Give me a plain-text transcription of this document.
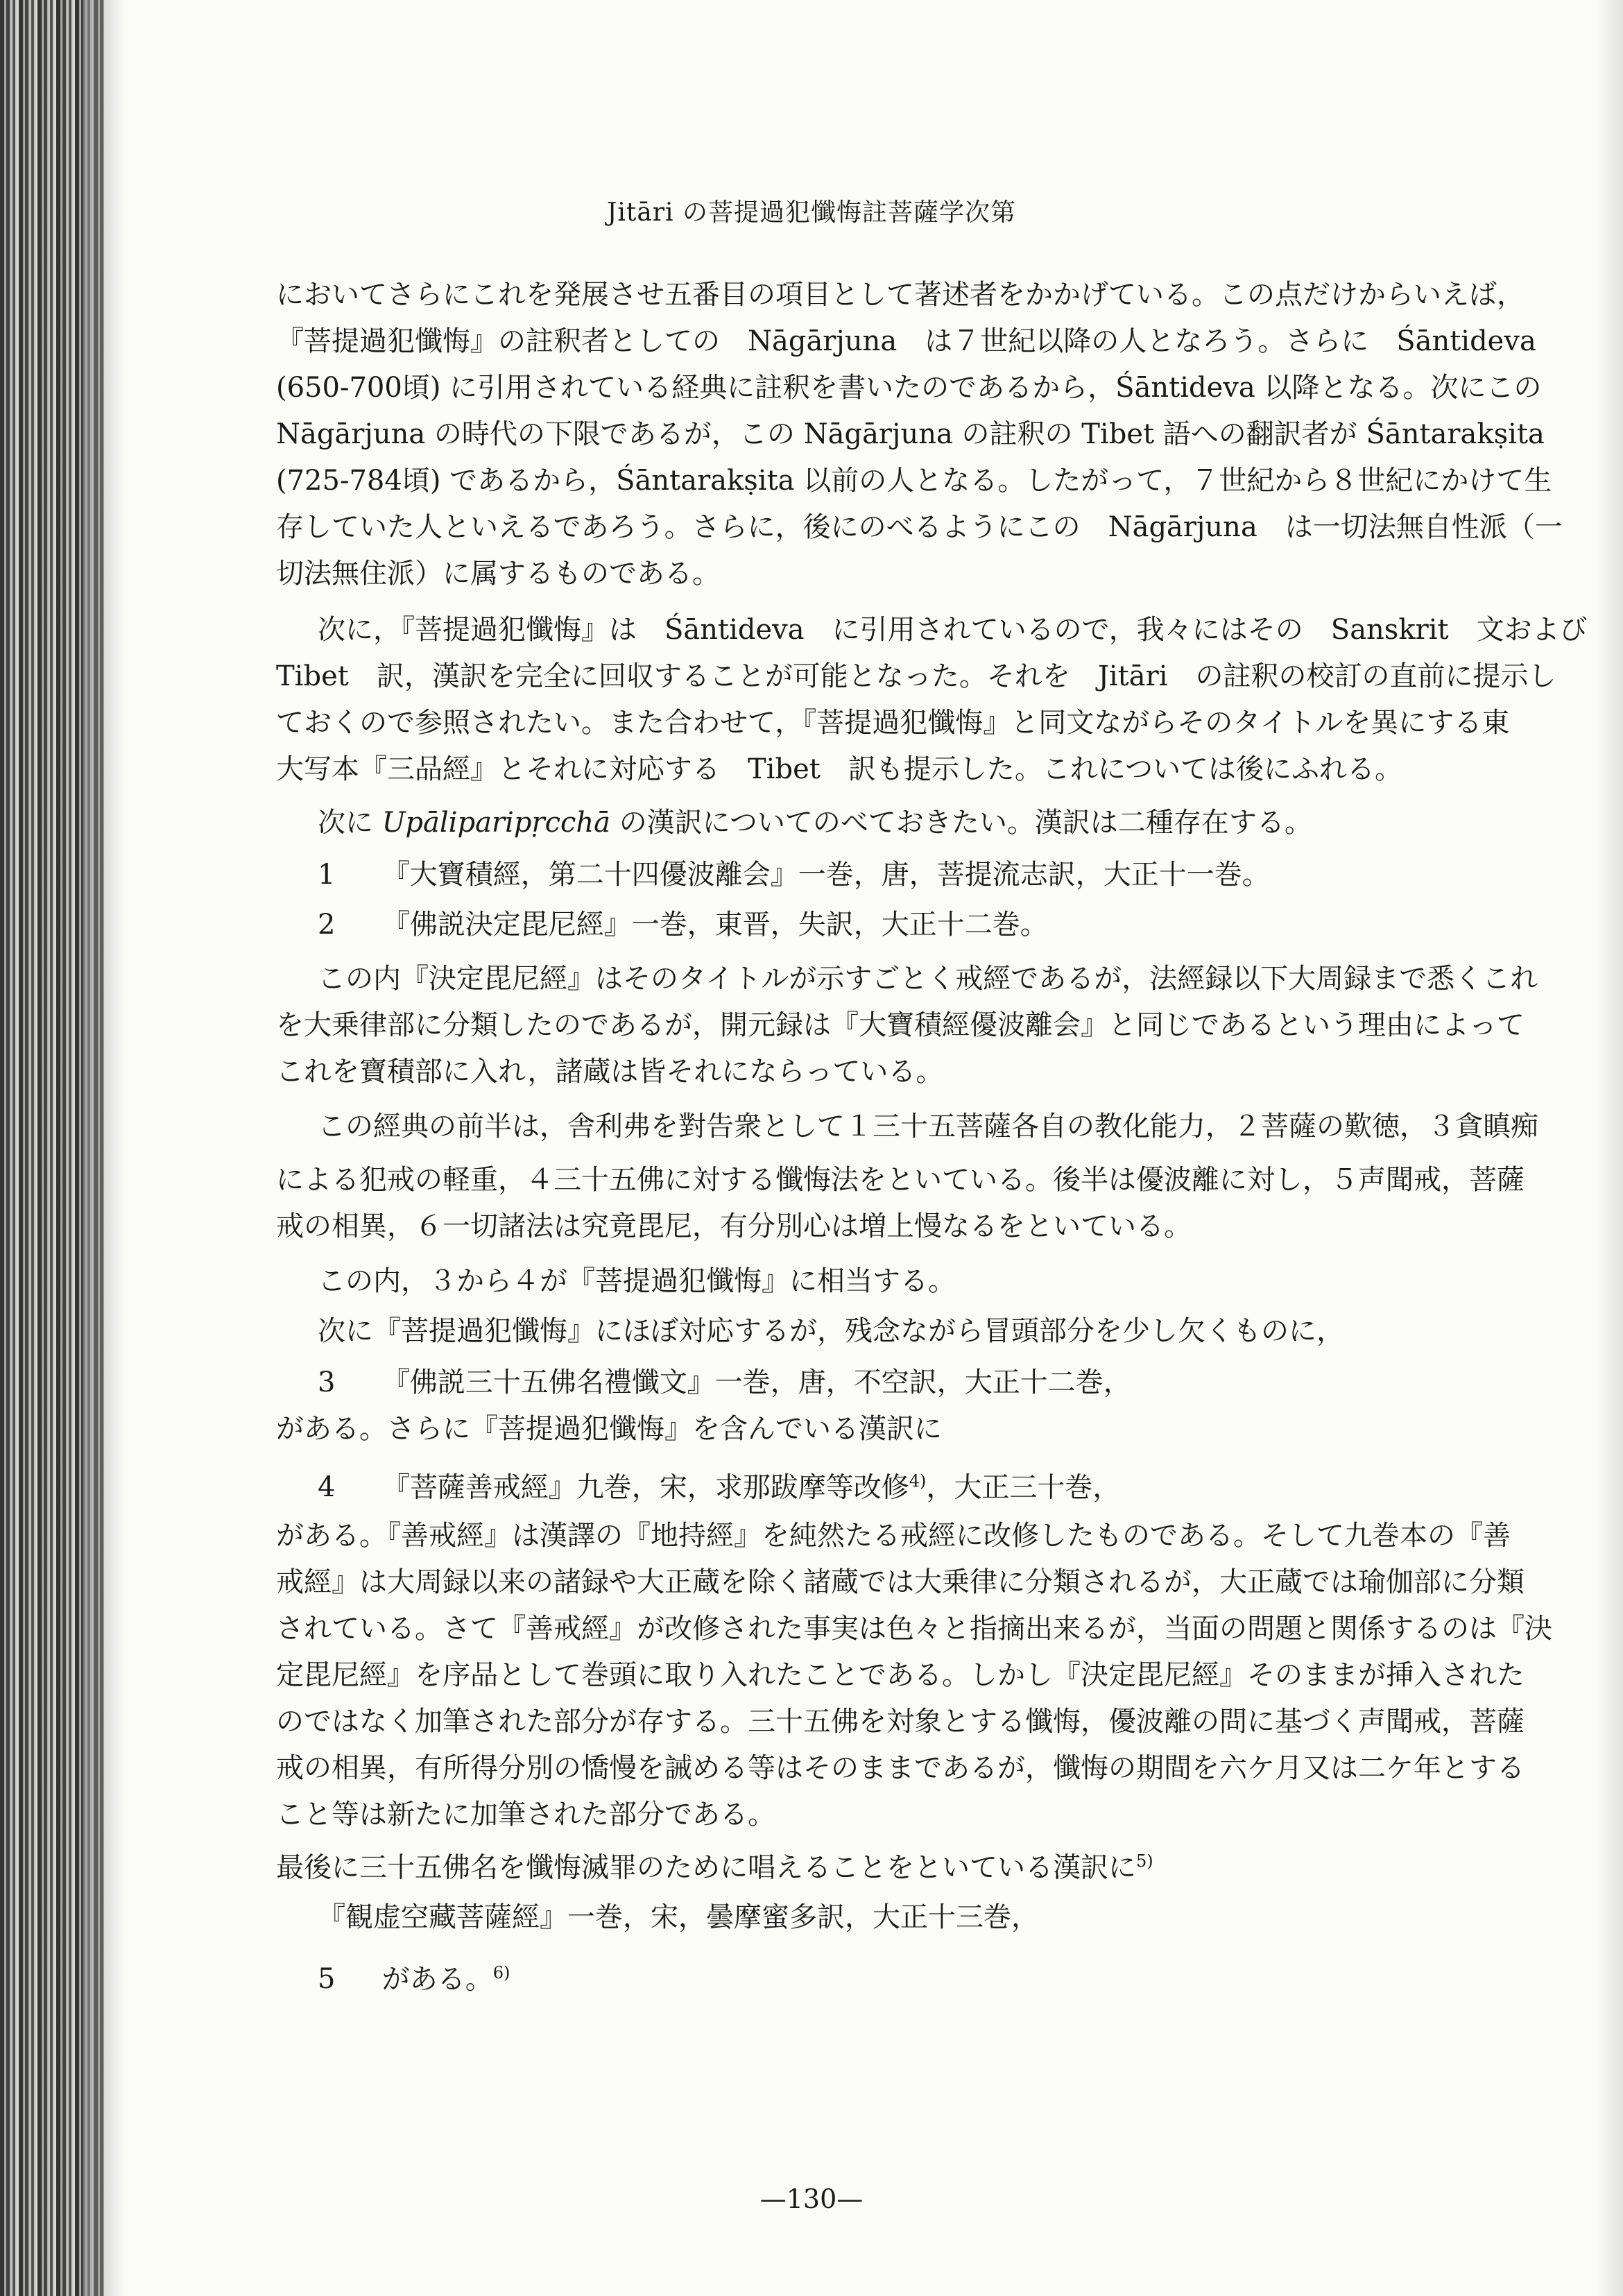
Jitāri の菩提過犯懺悔註菩薩学次第
においてさらにこれを発展させ五番目の項目として著述者をかかげている。この点だけからいえば，
『菩提過犯懺悔』の註釈者としての　Nāgārjuna　は７世紀以降の人となろう。さらに　Śāntideva
(650-700頃) に引用されている経典に註釈を書いたのであるから，Śāntideva 以降となる。次にこの
Nāgārjuna の時代の下限であるが，この Nāgārjuna の註釈の Tibet 語への翻訳者が Śāntarakṣita
(725-784頃) であるから，Śāntarakṣita 以前の人となる。したがって，７世紀から８世紀にかけて生
存していた人といえるであろう。さらに，後にのべるようにこの　Nāgārjuna　は一切法無自性派（一
切法無住派）に属するものである。
次に，『菩提過犯懺悔』は　Śāntideva　に引用されているので，我々にはその　Sanskrit　文および
Tibet　訳，漢訳を完全に回収することが可能となった。それを　Jitāri　の註釈の校訂の直前に提示し
ておくので参照されたい。また合わせて，『菩提過犯懺悔』と同文ながらそのタイトルを異にする東
大写本『三品經』とそれに対応する　Tibet　訳も提示した。これについては後にふれる。
次に Upāliparipṛcchā の漢訳についてのべておきたい。漢訳は二種存在する。
1 『大寶積經，第二十四優波離会』一巻，唐，菩提流志訳，大正十一巻。
2 『佛説決定毘尼經』一巻，東晋，失訳，大正十二巻。
この内『決定毘尼經』はそのタイトルが示すごとく戒經であるが，法經録以下大周録まで悉くこれ
を大乗律部に分類したのであるが，開元録は『大寶積經優波離会』と同じであるという理由によって
これを寶積部に入れ，諸蔵は皆それにならっている。
この經典の前半は，舎利弗を對告衆として１三十五菩薩各自の教化能力，２菩薩の歎徳，３貪瞋痴
による犯戒の軽重，４三十五佛に対する懺悔法をといている。後半は優波離に対し，５声聞戒，菩薩
戒の相異，６一切諸法は究竟毘尼，有分別心は増上慢なるをといている。
この内，３から４が『菩提過犯懺悔』に相当する。
次に『菩提過犯懺悔』にほぼ対応するが，残念ながら冒頭部分を少し欠くものに，
3 『佛説三十五佛名禮懺文』一巻，唐，不空訳，大正十二巻，
がある。さらに『菩提過犯懺悔』を含んでいる漢訳に
4 『菩薩善戒經』九巻，宋，求那跋摩等改修$^{4)}$，大正三十巻，
がある。『善戒經』は漢譯の『地持經』を純然たる戒經に改修したものである。そして九巻本の『善
戒經』は大周録以来の諸録や大正蔵を除く諸蔵では大乗律に分類されるが，大正蔵では瑜伽部に分類
されている。さて『善戒經』が改修された事実は色々と指摘出来るが，当面の問題と関係するのは『決
定毘尼經』を序品として巻頭に取り入れたことである。しかし『決定毘尼經』そのままが挿入された
のではなく加筆された部分が存する。三十五佛を対象とする懺悔，優波離の問に基づく声聞戒，菩薩
戒の相異，有所得分別の憍慢を誡める等はそのままであるが，懺悔の期間を六ケ月又は二ケ年とする
こと等は新たに加筆された部分である。
最後に三十五佛名を懺悔滅罪のために唱えることをといている漢訳に$^{5)}$
『観虚空藏菩薩經』一巻，宋，曇摩蜜多訳，大正十三巻，
5 がある。$^{6)}$
—130—
